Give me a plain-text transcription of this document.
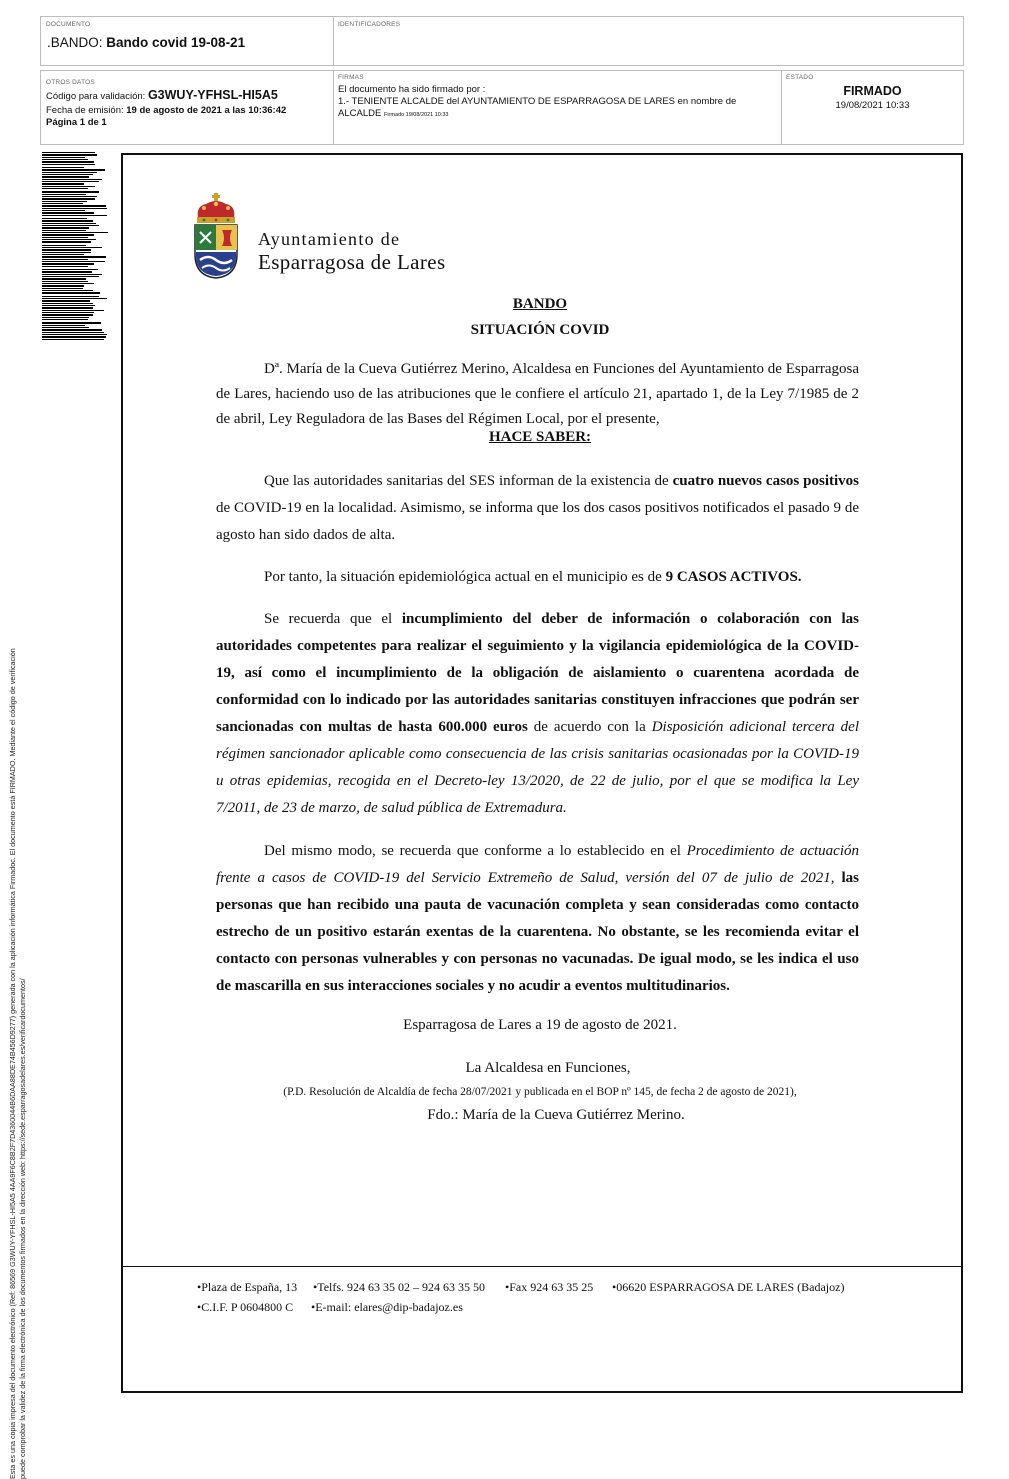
DOCUMENTO
.BANDO: Bando covid 19-08-21
IDENTIFICADORES
OTROS DATOS
Código para validación: G3WUY-YFHSL-HI5A5
Fecha de emisión: 19 de agosto de 2021 a las 10:36:42
Página 1 de 1
FIRMAS
El documento ha sido firmado por :
1.- TENIENTE ALCALDE del AYUNTAMIENTO DE ESPARRAGOSA DE LARES en nombre de
ALCALDE Firmado 19/08/2021 10:33
ESTADO
FIRMADO
19/08/2021 10:33
Esta es una copia impresa del documento electrónico (Ref: 86569 G3WUY-YFHSL-HI5A5 4AA9F6C8B2F7D4360044B6DAA88DE74B456D9277) generada con la aplicación informática Firmadoc. El documento está FIRMADO. Mediante el código de verificación puede comprobar la validez de la firma electrónica de los documentos firmados en la dirección web: https://sede.esparragosadelares.es/verificardocumentos/
Ayuntamiento de
Esparragosa de Lares
BANDO
SITUACIÓN COVID
Dª. María de la Cueva Gutiérrez Merino, Alcaldesa en Funciones del Ayuntamiento de Esparragosa de Lares, haciendo uso de las atribuciones que le confiere el artículo 21, apartado 1, de la Ley 7/1985 de 2 de abril, Ley Reguladora de las Bases del Régimen Local, por el presente,
HACE SABER:
Que las autoridades sanitarias del SES informan de la existencia de cuatro nuevos casos positivos de COVID-19 en la localidad. Asimismo, se informa que los dos casos positivos notificados el pasado 9 de agosto han sido dados de alta.
Por tanto, la situación epidemiológica actual en el municipio es de 9 CASOS ACTIVOS.
Se recuerda que el incumplimiento del deber de información o colaboración con las autoridades competentes para realizar el seguimiento y la vigilancia epidemiológica de la COVID-19, así como el incumplimiento de la obligación de aislamiento o cuarentena acordada de conformidad con lo indicado por las autoridades sanitarias constituyen infracciones que podrán ser sancionadas con multas de hasta 600.000 euros de acuerdo con la Disposición adicional tercera del régimen sancionador aplicable como consecuencia de las crisis sanitarias ocasionadas por la COVID-19 u otras epidemias, recogida en el Decreto-ley 13/2020, de 22 de julio, por el que se modifica la Ley 7/2011, de 23 de marzo, de salud pública de Extremadura.
Del mismo modo, se recuerda que conforme a lo establecido en el Procedimiento de actuación frente a casos de COVID-19 del Servicio Extremeño de Salud, versión del 07 de julio de 2021, las personas que han recibido una pauta de vacunación completa y sean consideradas como contacto estrecho de un positivo estarán exentas de la cuarentena. No obstante, se les recomienda evitar el contacto con personas vulnerables y con personas no vacunadas. De igual modo, se les indica el uso de mascarilla en sus interacciones sociales y no acudir a eventos multitudinarios.
Esparragosa de Lares a 19 de agosto de 2021.
La Alcaldesa en Funciones,
(P.D. Resolución de Alcaldía de fecha 28/07/2021 y publicada en el BOP nº 145, de fecha 2 de agosto de 2021),
Fdo.: María de la Cueva Gutiérrez Merino.
•Plaza de España, 13 •Telfs. 924 63 35 02 – 924 63 35 50 •Fax 924 63 35 25 •06620 ESPARRAGOSA DE LARES (Badajoz)
•C.I.F. P 0604800 C •E-mail: elares@dip-badajoz.es
